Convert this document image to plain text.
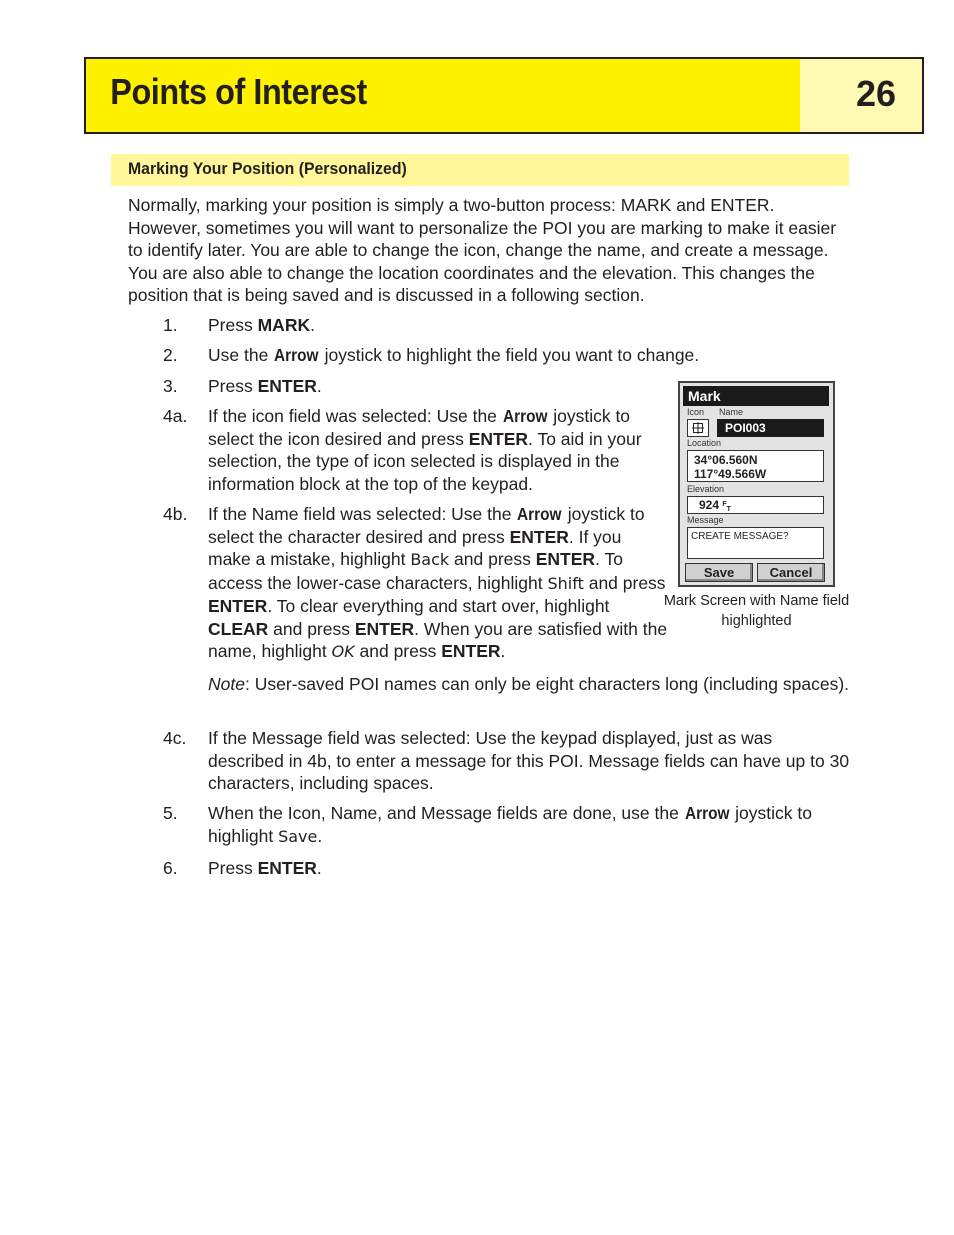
Points of Interest	26
Marking Your Position (Personalized)
Normally, marking your position is simply a two-button process: MARK and ENTER. However, sometimes you will want to personalize the POI you are marking to make it easier to identify later. You are able to change the icon, change the name, and create a message. You are also able to change the location coordinates and the elevation. This changes the position that is being saved and is discussed in a following section.
1.	Press MARK.
2.	Use the Arrow joystick to highlight the field you want to change.
3.	Press ENTER.
4a.	If the icon field was selected: Use the Arrow joystick to select the icon desired and press ENTER. To aid in your selection, the type of icon selected is displayed in the information block at the top of the keypad.
4b.	If the Name field was selected: Use the Arrow joystick to select the character desired and press ENTER. If you make a mistake, highlight Back and press ENTER. To access the lower-case characters, highlight Shift and press ENTER. To clear everything and start over, highlight CLEAR and press ENTER. When you are satisfied with the name, highlight OK and press ENTER.
Note: User-saved POI names can only be eight characters long (including spaces).
4c.	If the Message field was selected: Use the keypad displayed, just as was described in 4b, to enter a message for this POI. Message fields can have up to 30 characters, including spaces.
5.	When the Icon, Name, and Message fields are done, use the Arrow joystick to highlight Save.
6.	Press ENTER.
Mark
Icon Name
POI003
Location
34°06.560N
117°49.566W
Elevation
924 $^F$T
Message
CREATE MESSAGE?
Save	Cancel
Mark Screen with Name field highlighted
